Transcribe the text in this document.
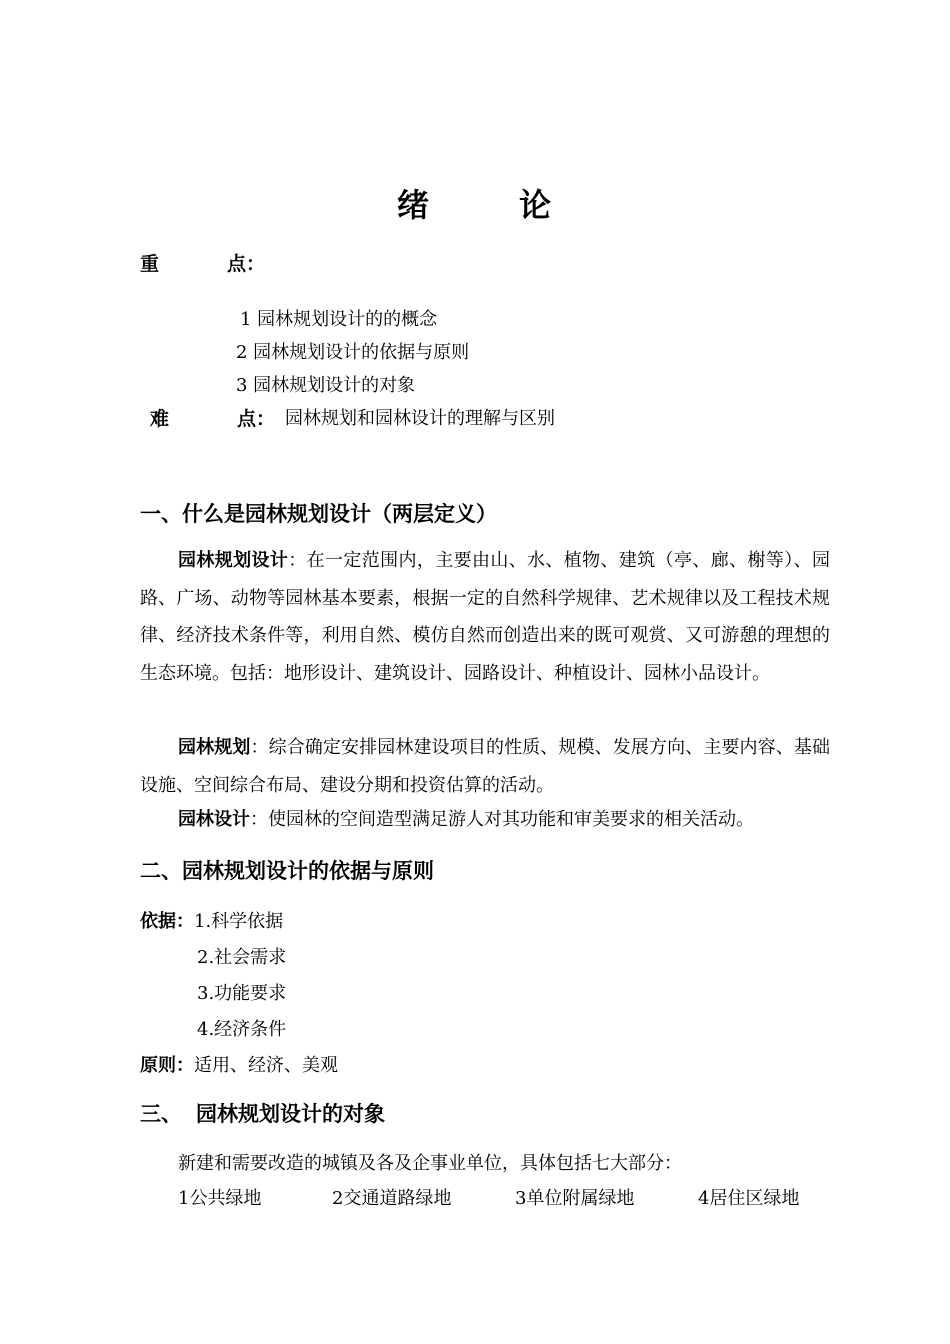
绪	论
重	点：
1 园林规划设计的的概念
2 园林规划设计的依据与原则
3 园林规划设计的对象
难	点： 园林规划和园林设计的理解与区别
一、什么是园林规划设计（两层定义）
园林规划设计：在一定范围内，主要由山、水、植物、建筑（亭、廊、榭等）、园路、广场、动物等园林基本要素，根据一定的自然科学规律、艺术规律以及工程技术规律、经济技术条件等，利用自然、模仿自然而创造出来的既可观赏、又可游憩的理想的生态环境。包括：地形设计、建筑设计、园路设计、种植设计、园林小品设计。
园林规划：综合确定安排园林建设项目的性质、规模、发展方向、主要内容、基础设施、空间综合布局、建设分期和投资估算的活动。
园林设计：使园林的空间造型满足游人对其功能和审美要求的相关活动。
二、园林规划设计的依据与原则
依据：1.科学依据
2.社会需求
3.功能要求
4.经济条件
原则：适用、经济、美观
三、 园林规划设计的对象
新建和需要改造的城镇及各及企事业单位，具体包括七大部分：
1公共绿地	2交通道路绿地	3单位附属绿地	4居住区绿地
